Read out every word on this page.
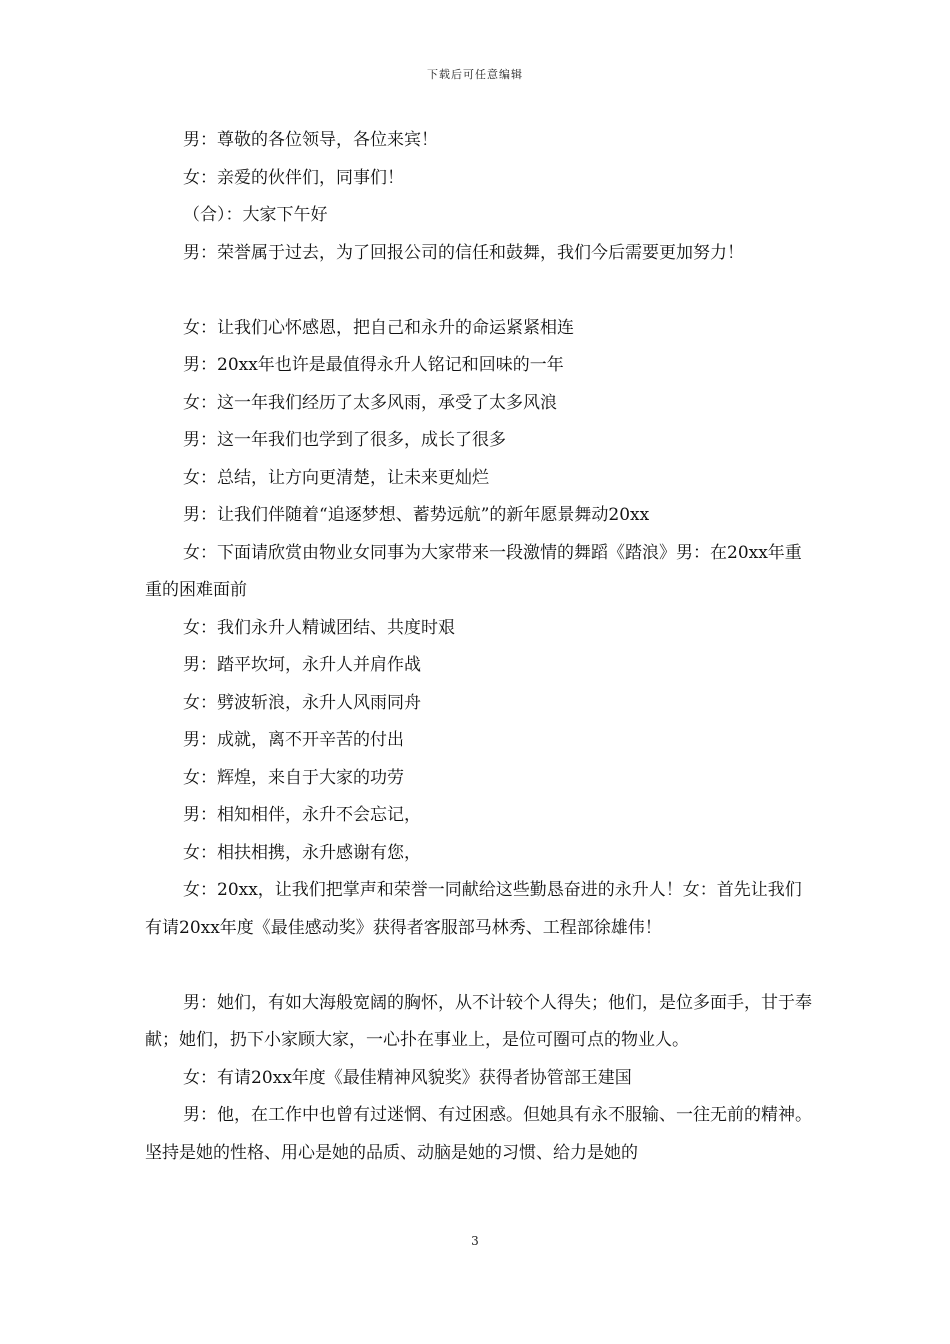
下载后可任意编辑

男：尊敬的各位领导，各位来宾！

女：亲爱的伙伴们，同事们！

（合）：大家下午好

男：荣誉属于过去，为了回报公司的信任和鼓舞，我们今后需要更加努力！

女：让我们心怀感恩，把自己和永升的命运紧紧相连

男：20xx年也许是最值得永升人铭记和回味的一年

女：这一年我们经历了太多风雨，承受了太多风浪

男：这一年我们也学到了很多，成长了很多

女：总结，让方向更清楚，让未来更灿烂

男：让我们伴随着“追逐梦想、蓄势远航”的新年愿景舞动20xx

女：下面请欣赏由物业女同事为大家带来一段激情的舞蹈《踏浪》男：在20xx年重重的困难面前

女：我们永升人精诚团结、共度时艰

男：踏平坎坷，永升人并肩作战

女：劈波斩浪，永升人风雨同舟

男：成就，离不开辛苦的付出

女：辉煌，来自于大家的功劳

男：相知相伴，永升不会忘记，

女：相扶相携，永升感谢有您，

女：20xx，让我们把掌声和荣誉一同献给这些勤恳奋进的永升人！女：首先让我们有请20xx年度《最佳感动奖》获得者客服部马林秀、工程部徐雄伟！

男：她们，有如大海般宽阔的胸怀，从不计较个人得失；他们，是位多面手，甘于奉献；她们，扔下小家顾大家，一心扑在事业上，是位可圈可点的物业人。

女：有请20xx年度《最佳精神风貌奖》获得者协管部王建国

男：他，在工作中也曾有过迷惘、有过困惑。但她具有永不服输、一往无前的精神。坚持是她的性格、用心是她的品质、动脑是她的习惯、给力是她的

3
